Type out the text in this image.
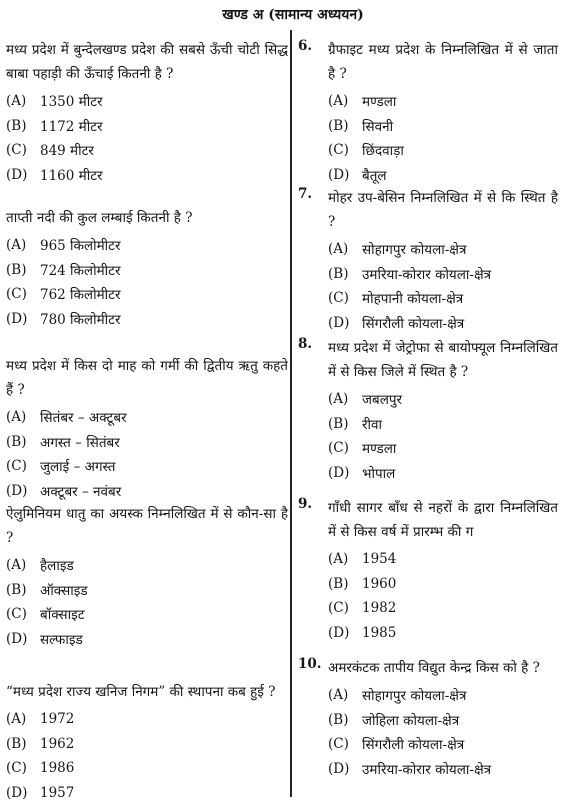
खण्ड अ (सामान्य अध्ययन)
मध्य प्रदेश में बुन्देलखण्ड प्रदेश की सबसे ऊँची चोटी सिद्ध बाबा पहाड़ी की ऊँचाई कितनी है ?
(A)	1350 मीटर
(B)	1172 मीटर
(C) 849 मीटर
(D) 1160 मीटर
ताप्ती नदी की कुल लम्बाई कितनी है ?
(A)	965 किलोमीटर
(B)	724 किलोमीटर
(C) 762 किलोमीटर
(D) 780 किलोमीटर
मध्य प्रदेश में किस दो माह को गर्मी की द्वितीय ऋतु कहते हैं ?
(A)	सितंबर – अक्टूबर
(B)	अगस्त – सितंबर
(C) जुलाई – अगस्त
(D) अक्टूबर – नवंबर
ऐलुमिनियम धातु का अयस्क निम्नलिखित में से कौन-सा है ?
(A)	हैलाइड
(B)	ऑक्साइड
(C) बॉक्साइट
(D) सल्फाइड
“मध्य प्रदेश राज्य खनिज निगम” की स्थापना कब हुई ?
(A)	1972
(B)	1962
(C) 1986
(D) 1957
6.	ग्रैफाइट मध्य प्रदेश के निम्नलिखित में से जाता है ?
(A)	मण्डला
(B)	सिवनी
(C) छिंदवाड़ा
(D) बैतूल
7.	मोहर उप-बेसिन निम्नलिखित में से कि स्थित है ?
(A)	सोहागपुर कोयला-क्षेत्र
(B)	उमरिया-कोरार कोयला-क्षेत्र
(C) मोहपानी कोयला-क्षेत्र
(D) सिंगरौली कोयला-क्षेत्र
8.	मध्य प्रदेश में जेट्रोफा से बायोफ्यूल निम्नलिखित में से किस जिले में स्थित है ?
(A)	जबलपुर
(B)	रीवा
(C) मण्डला
(D) भोपाल
9.	गाँधी सागर बाँध से नहरों के द्वारा निम्नलिखित में से किस वर्ष में प्रारम्भ की ग
(A)	1954
(B)	1960
(C) 1982
(D) 1985
10. अमरकंटक तापीय विद्युत केन्द्र किस को है ?
(A)	सोहागपुर कोयला-क्षेत्र
(B)	जोहिला कोयला-क्षेत्र
(C) सिंगरौली कोयला-क्षेत्र
(D) उमरिया-कोरार कोयला-क्षेत्र
